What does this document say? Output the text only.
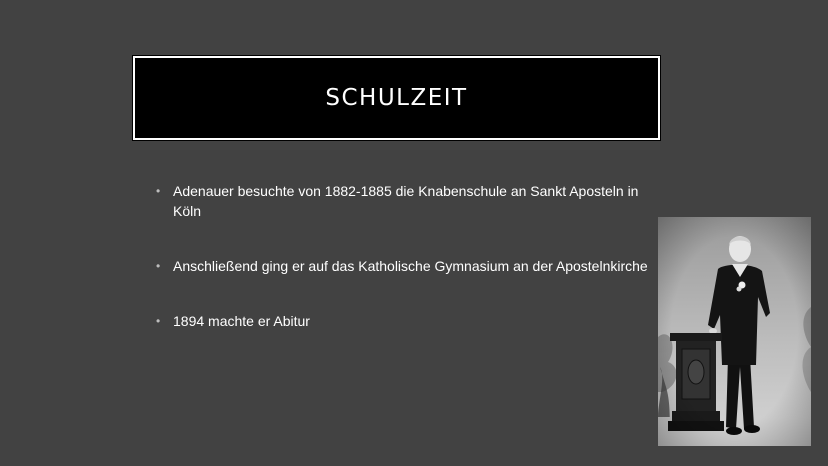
SCHULZEIT
• Adenauer besuchte von 1882-1885 die Knabenschule an Sankt Aposteln in Köln
• Anschließend ging er auf das Katholische Gymnasium an der Apostelnkirche
• 1894 machte er Abitur
